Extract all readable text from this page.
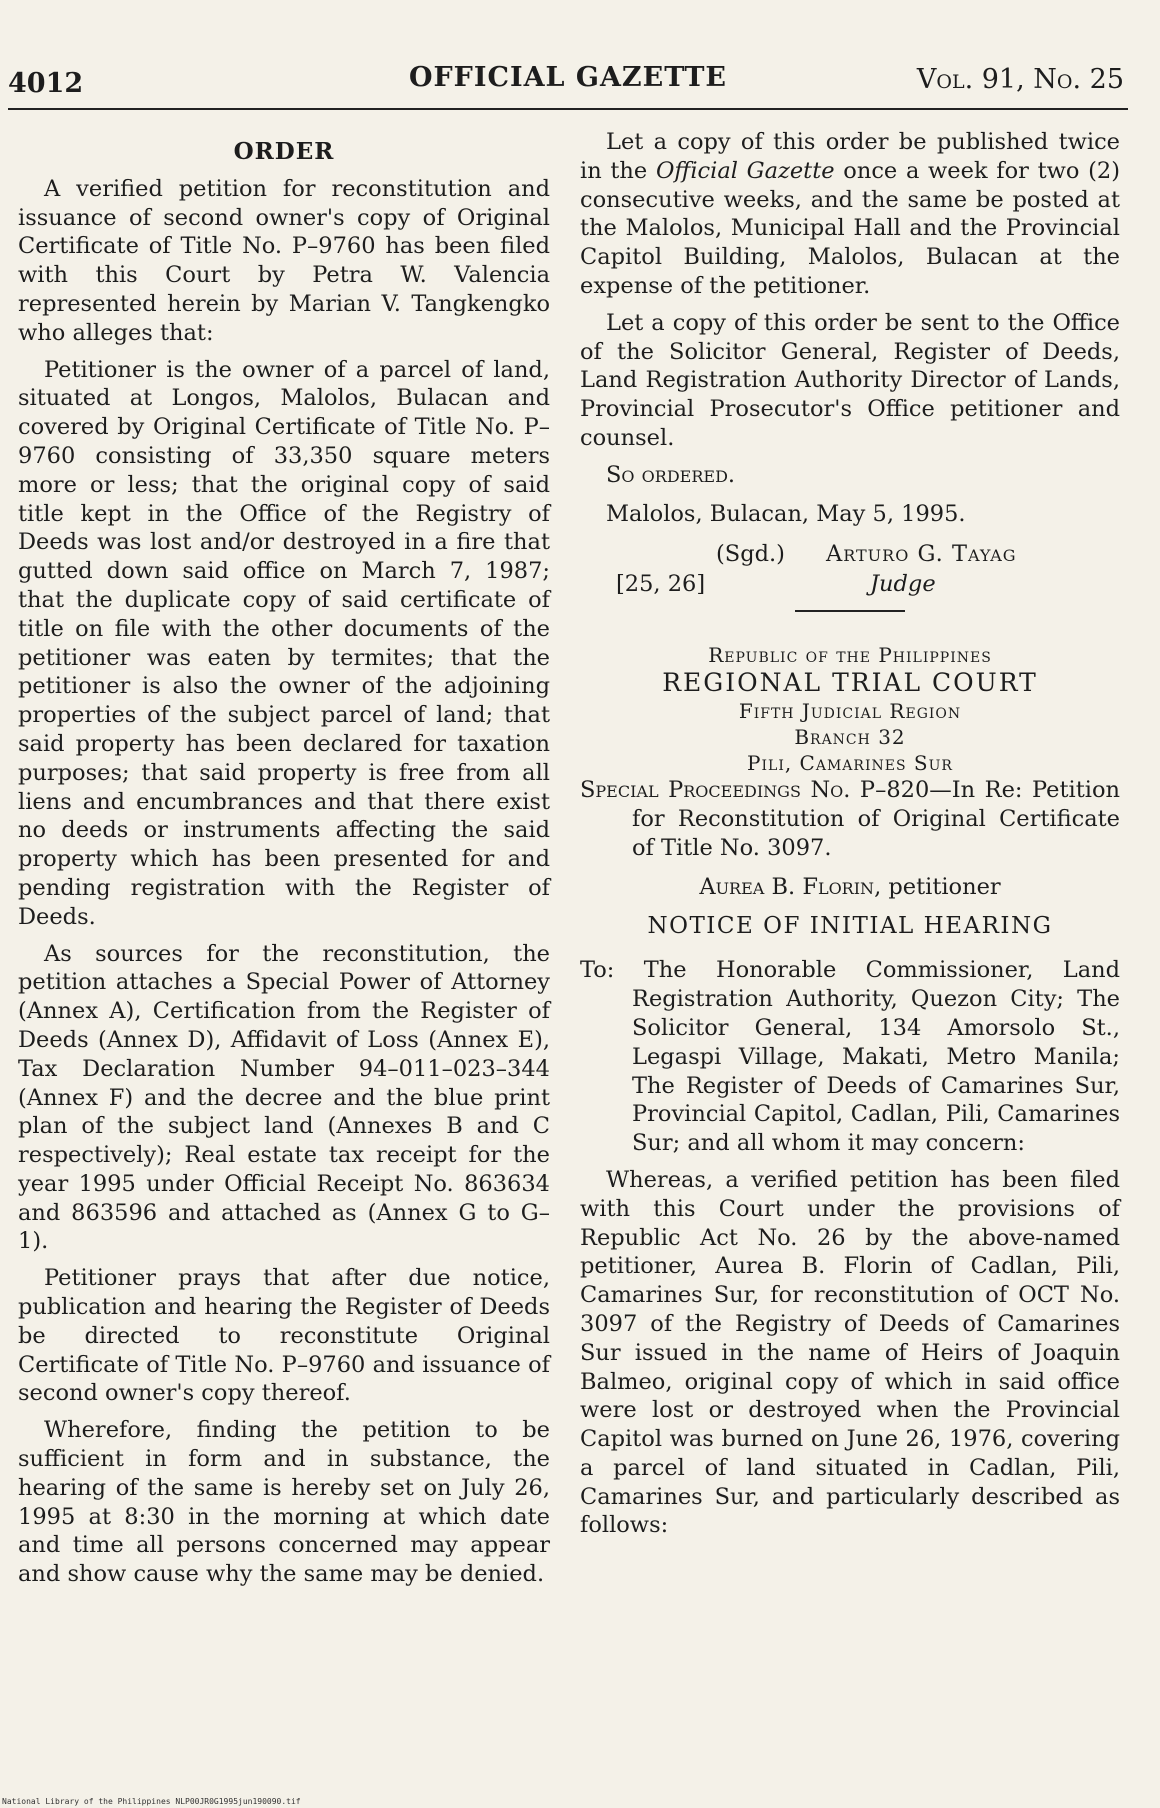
4012	OFFICIAL GAZETTE	Vol. 91, No. 25
ORDER

A verified petition for reconstitution and issuance of second owner's copy of Original Certificate of Title No. P–9760 has been filed with this Court by Petra W. Valencia represented herein by Marian V. Tangkengko who alleges that:

Petitioner is the owner of a parcel of land, situated at Longos, Malolos, Bulacan and covered by Original Certificate of Title No. P–9760 consisting of 33,350 square meters more or less; that the original copy of said title kept in the Office of the Registry of Deeds was lost and/or destroyed in a fire that gutted down said office on March 7, 1987; that the duplicate copy of said certificate of title on file with the other documents of the petitioner was eaten by termites; that the petitioner is also the owner of the adjoining properties of the subject parcel of land; that said property has been declared for taxation purposes; that said property is free from all liens and encumbrances and that there exist no deeds or instruments affecting the said property which has been presented for and pending registration with the Register of Deeds.

As sources for the reconstitution, the petition attaches a Special Power of Attorney (Annex A), Certification from the Register of Deeds (Annex D), Affidavit of Loss (Annex E), Tax Declaration Number 94–011–023–344 (Annex F) and the decree and the blue print plan of the subject land (Annexes B and C respectively); Real estate tax receipt for the year 1995 under Official Receipt No. 863634 and 863596 and attached as (Annex G to G–1).

Petitioner prays that after due notice, publication and hearing the Register of Deeds be directed to reconstitute Original Certificate of Title No. P–9760 and issuance of second owner's copy thereof.

Wherefore, finding the petition to be sufficient in form and in substance, the hearing of the same is hereby set on July 26, 1995 at 8:30 in the morning at which date and time all persons concerned may appear and show cause why the same may be denied.

Let a copy of this order be published twice in the Official Gazette once a week for two (2) consecutive weeks, and the same be posted at the Malolos, Municipal Hall and the Provincial Capitol Building, Malolos, Bulacan at the expense of the petitioner.

Let a copy of this order be sent to the Office of the Solicitor General, Register of Deeds, Land Registration Authority Director of Lands, Provincial Prosecutor's Office petitioner and counsel.

So ordered.
Malolos, Bulacan, May 5, 1995.
(Sgd.) Arturo G. Tayag
[25, 26]	Judge
Republic of the Philippines
REGIONAL TRIAL COURT
Fifth Judicial Region
Branch 32
Pili, Camarines Sur

Special Proceedings No. P–820—In Re: Petition for Reconstitution of Original Certificate of Title No. 3097.

Aurea B. Florin, petitioner
NOTICE OF INITIAL HEARING

To: The Honorable Commissioner, Land Registration Authority, Quezon City; The Solicitor General, 134 Amorsolo St., Legaspi Village, Makati, Metro Manila; The Register of Deeds of Camarines Sur, Provincial Capitol, Cadlan, Pili, Camarines Sur; and all whom it may concern:

Whereas, a verified petition has been filed with this Court under the provisions of Republic Act No. 26 by the above-named petitioner, Aurea B. Florin of Cadlan, Pili, Camarines Sur, for reconstitution of OCT No. 3097 of the Registry of Deeds of Camarines Sur issued in the name of Heirs of Joaquin Balmeo, original copy of which in said office were lost or destroyed when the Provincial Capitol was burned on June 26, 1976, covering a parcel of land situated in Cadlan, Pili, Camarines Sur, and particularly described as follows:

National Library of the Philippines NLP00JR0G1995jun190090.tif
